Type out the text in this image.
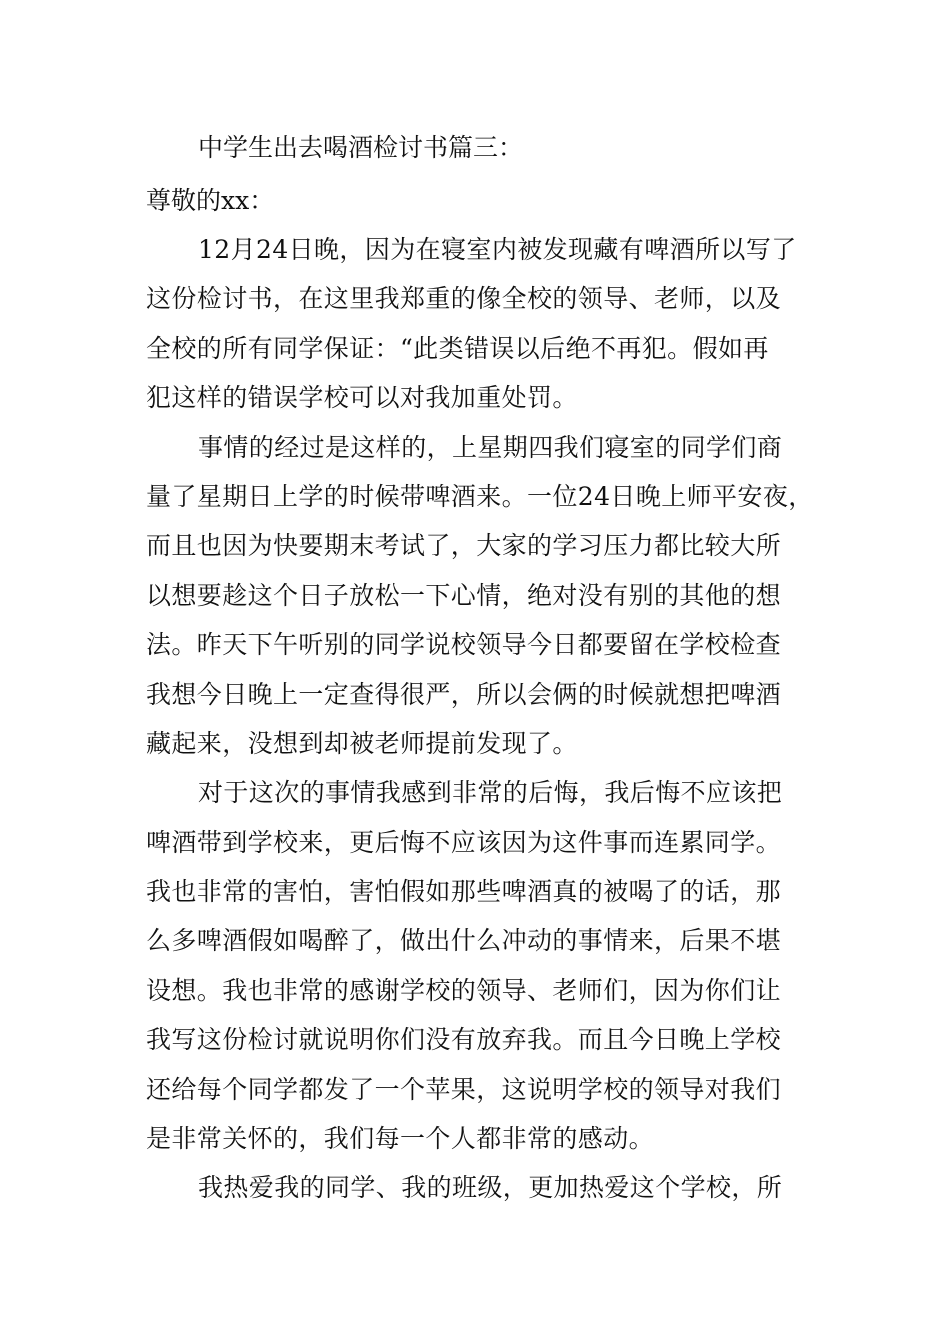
中学生出去喝酒检讨书篇三：
尊敬的xx：
12月24日晚，因为在寝室内被发现藏有啤酒所以写了
这份检讨书，在这里我郑重的像全校的领导、老师，以及
全校的所有同学保证：“此类错误以后绝不再犯。假如再
犯这样的错误学校可以对我加重处罚。
事情的经过是这样的，上星期四我们寝室的同学们商
量了星期日上学的时候带啤酒来。一位24日晚上师平安夜，
而且也因为快要期末考试了，大家的学习压力都比较大所
以想要趁这个日子放松一下心情，绝对没有别的其他的想
法。昨天下午听别的同学说校领导今日都要留在学校检查
我想今日晚上一定查得很严，所以会俩的时候就想把啤酒
藏起来，没想到却被老师提前发现了。
对于这次的事情我感到非常的后悔，我后悔不应该把
啤酒带到学校来，更后悔不应该因为这件事而连累同学。
我也非常的害怕，害怕假如那些啤酒真的被喝了的话，那
么多啤酒假如喝醉了，做出什么冲动的事情来，后果不堪
设想。我也非常的感谢学校的领导、老师们，因为你们让
我写这份检讨就说明你们没有放弃我。而且今日晚上学校
还给每个同学都发了一个苹果，这说明学校的领导对我们
是非常关怀的，我们每一个人都非常的感动。
我热爱我的同学、我的班级，更加热爱这个学校，所
